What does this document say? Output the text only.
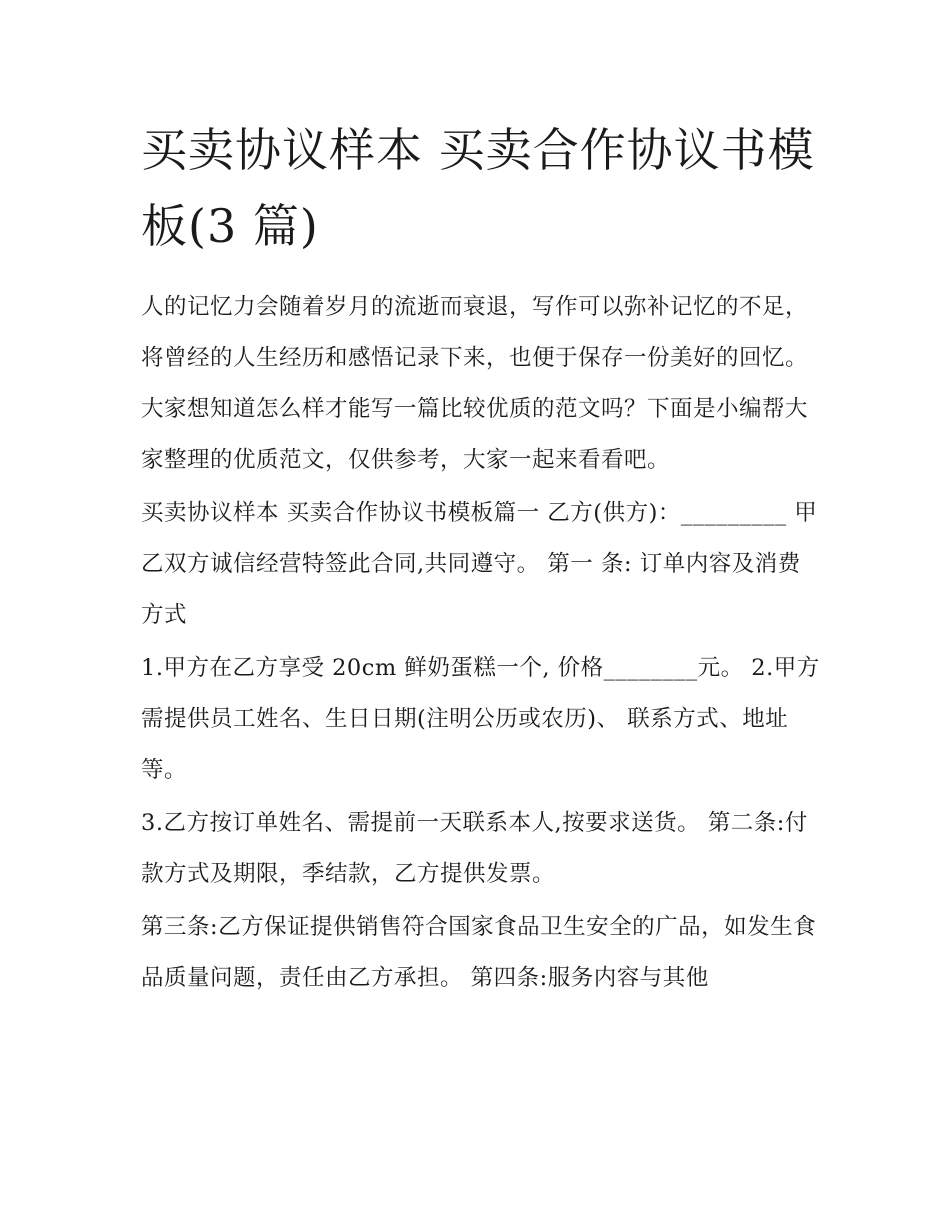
买卖协议样本 买卖合作协议书模板(3 篇)

人的记忆力会随着岁月的流逝而衰退，写作可以弥补记忆的不足，将曾经的人生经历和感悟记录下来，也便于保存一份美好的回忆。大家想知道怎么样才能写一篇比较优质的范文吗？下面是小编帮大家整理的优质范文，仅供参考，大家一起来看看吧。

买卖协议样本 买卖合作协议书模板篇一 乙方(供方)：_________ 甲乙双方诚信经营特签此合同,共同遵守。 第一 条: 订单内容及消费方式

1.甲方在乙方享受 20cm 鲜奶蛋糕一个, 价格________元。 2.甲方需提供员工姓名、生日日期(注明公历或农历)、 联系方式、地址等。

3.乙方按订单姓名、需提前一天联系本人,按要求送货。 第二条:付款方式及期限，季结款，乙方提供发票。

第三条:乙方保证提供销售符合国家食品卫生安全的广品，如发生食品质量问题，责任由乙方承担。 第四条:服务内容与其他
